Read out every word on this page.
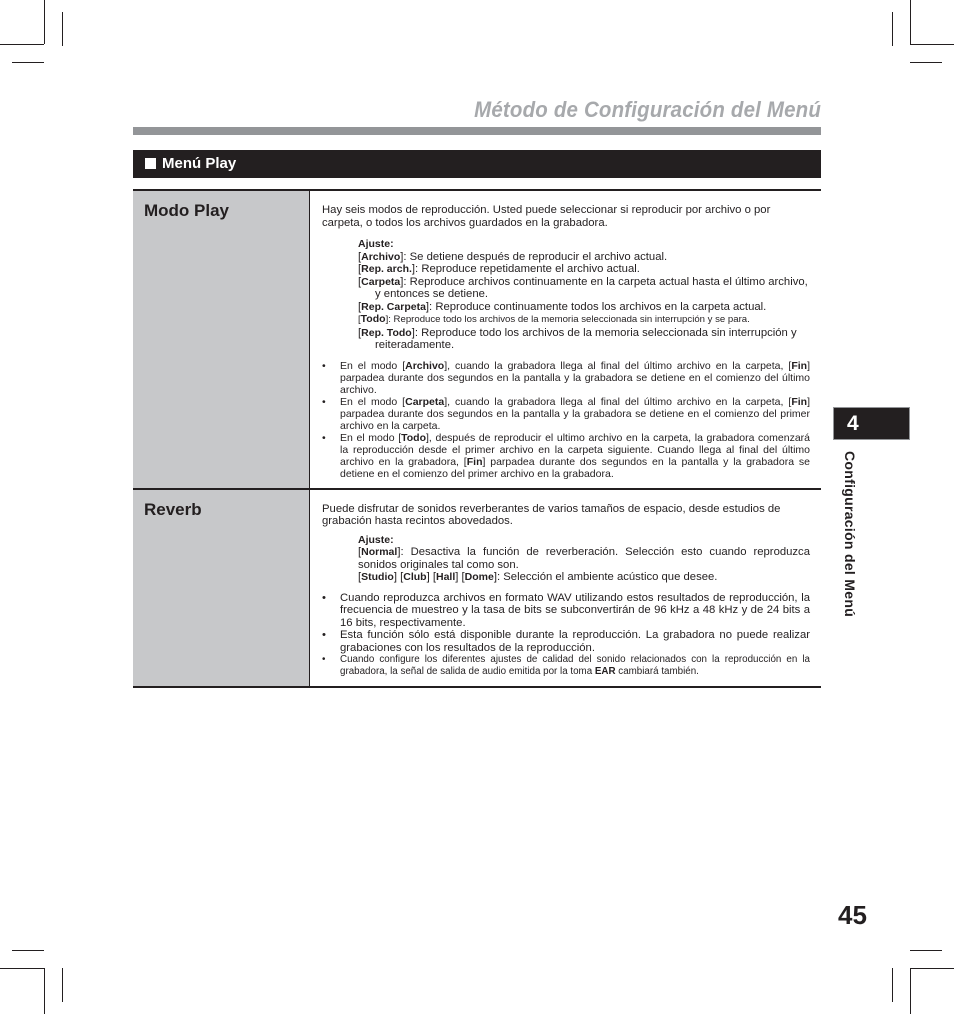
Método de Configuración del Menú
Menú Play
Modo Play	Hay seis modos de reproducción. Usted puede seleccionar si reproducir por archivo o por carpeta, o todos los archivos guardados en la grabadora.

Ajuste:
[Archivo]: Se detiene después de reproducir el archivo actual.
[Rep. arch.]: Reproduce repetidamente el archivo actual.
[Carpeta]: Reproduce archivos continuamente en la carpeta actual hasta el último archivo, y entonces se detiene.
[Rep. Carpeta]: Reproduce continuamente todos los archivos en la carpeta actual.
[Todo]: Reproduce todo los archivos de la memoria seleccionada sin interrupción y se para.
[Rep. Todo]: Reproduce todo los archivos de la memoria seleccionada sin interrupción y reiteradamente.
• En el modo [Archivo], cuando la grabadora llega al final del último archivo en la carpeta, [Fin] parpadea durante dos segundos en la pantalla y la grabadora se detiene en el comienzo del último archivo.
• En el modo [Carpeta], cuando la grabadora llega al final del último archivo en la carpeta, [Fin] parpadea durante dos segundos en la pantalla y la grabadora se detiene en el comienzo del primer archivo en la carpeta.
• En el modo [Todo], después de reproducir el ultimo archivo en la carpeta, la grabadora comenzará la reproducción desde el primer archivo en la carpeta siguiente. Cuando llega al final del último archivo en la grabadora, [Fin] parpadea durante dos segundos en la pantalla y la grabadora se detiene en el comienzo del primer archivo en la grabadora.
Reverb	Puede disfrutar de sonidos reverberantes de varios tamaños de espacio, desde estudios de grabación hasta recintos abovedados.

Ajuste:
[Normal]: Desactiva la función de reverberación. Selección esto cuando reproduzca sonidos originales tal como son.
[Studio] [Club] [Hall] [Dome]: Selección el ambiente acústico que desee.
• Cuando reproduzca archivos en formato WAV utilizando estos resultados de reproducción, la frecuencia de muestreo y la tasa de bits se subconvertirán de 96 kHz a 48 kHz y de 24 bits a 16 bits, respectivamente.
• Esta función sólo está disponible durante la reproducción. La grabadora no puede realizar grabaciones con los resultados de la reproducción.
• Cuando configure los diferentes ajustes de calidad del sonido relacionados con la reproducción en la grabadora, la señal de salida de audio emitida por la toma EAR cambiará también.
4
Configuración del Menú
45
